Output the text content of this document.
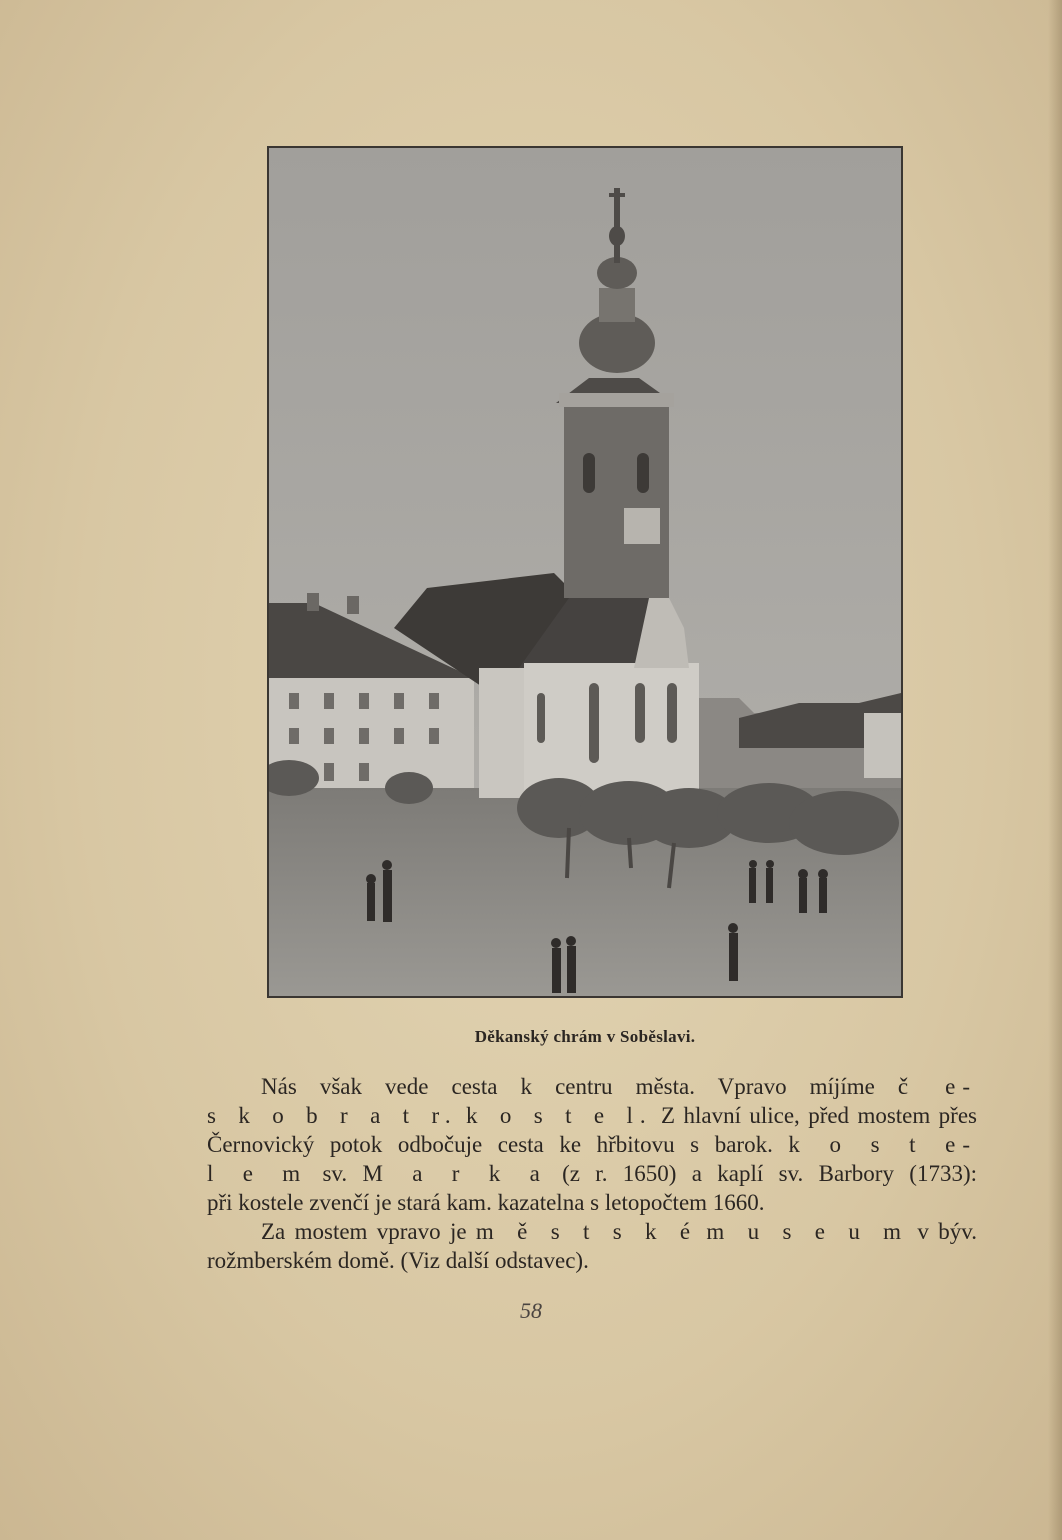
Děkanský chrám v Soběslavi.
Nás však vede cesta k centru města. Vpravo míjíme č e-
s k o b r a t r. k o s t e l. Z hlavní ulice, před mostem přes
Černovický potok odbočuje cesta ke hřbitovu s barok. k o s t e-
l e m sv. M a r k a (z r. 1650) a kaplí sv. Barbory (1733):
při kostele zvenčí je stará kam. kazatelna s letopočtem 1660.
Za mostem vpravo je m ě s t s k é m u s e u m v býv.
rožmberském domě. (Viz další odstavec).
58
